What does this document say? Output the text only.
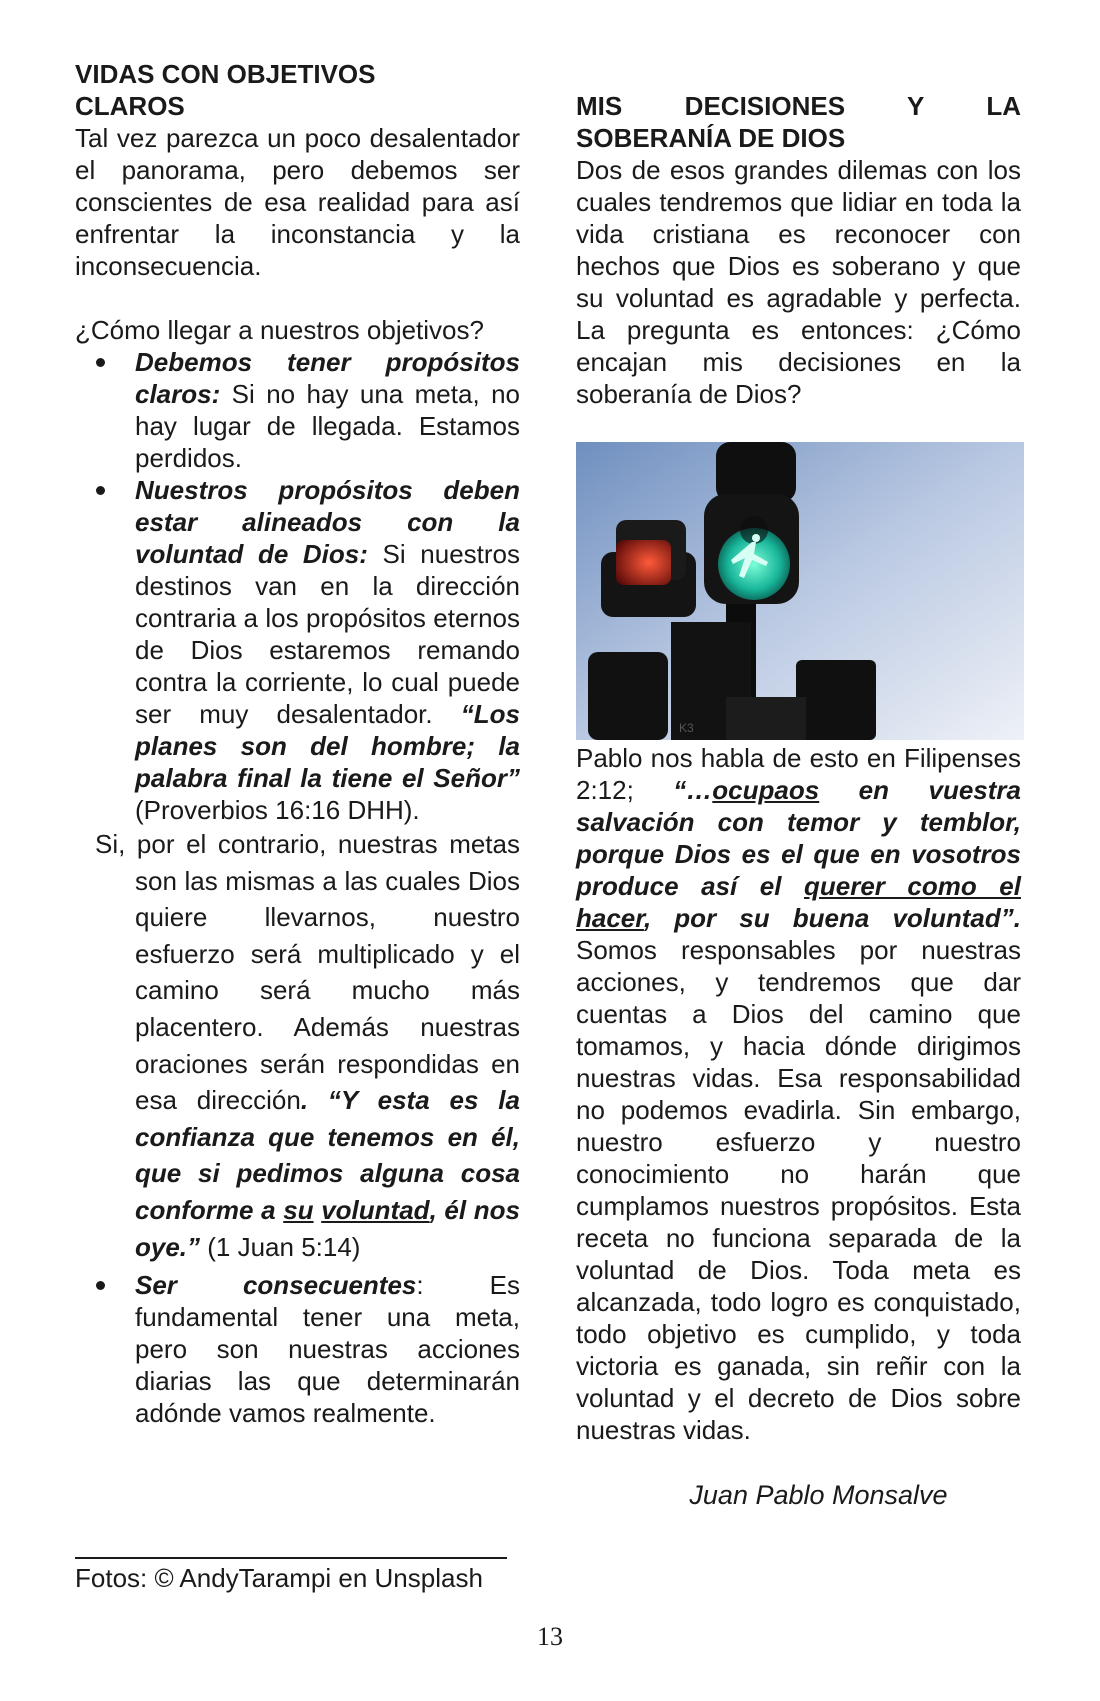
VIDAS CON OBJETIVOS
CLAROS

Tal vez parezca un poco desalentador el panorama, pero debemos ser conscientes de esa realidad para así enfrentar la inconstancia y la inconsecuencia.

¿Cómo llegar a nuestros objetivos?

Debemos tener propósitos claros: Si no hay una meta, no hay lugar de llegada. Estamos perdidos.

Nuestros propósitos deben estar alineados con la voluntad de Dios: Si nuestros destinos van en la dirección contraria a los propósitos eternos de Dios estaremos remando contra la corriente, lo cual puede ser muy desalentador. “Los planes son del hombre; la palabra final la tiene el Señor” (Proverbios 16:16 DHH).

Si, por el contrario, nuestras metas son las mismas a las cuales Dios quiere llevarnos, nuestro esfuerzo será multiplicado y el camino será mucho más placentero. Además nuestras oraciones serán respondidas en esa dirección. “Y esta es la confianza que tenemos en él, que si pedimos alguna cosa conforme a su voluntad, él nos oye.” (1 Juan 5:14)

Ser consecuentes: Es fundamental tener una meta, pero son nuestras acciones diarias las que determinarán adónde vamos realmente.

MIS DECISIONES Y LA
SOBERANÍA DE DIOS

Dos de esos grandes dilemas con los cuales tendremos que lidiar en toda la vida cristiana es reconocer con hechos que Dios es soberano y que su voluntad es agradable y perfecta. La pregunta es entonces: ¿Cómo encajan mis decisiones en la soberanía de Dios?

K3

Pablo nos habla de esto en Filipenses 2:12; “…ocupaos en vuestra salvación con temor y temblor, porque Dios es el que en vosotros produce así el querer como el hacer, por su buena voluntad”. Somos responsables por nuestras acciones, y tendremos que dar cuentas a Dios del camino que tomamos, y hacia dónde dirigimos nuestras vidas. Esa responsabilidad no podemos evadirla. Sin embargo, nuestro esfuerzo y nuestro conocimiento no harán que cumplamos nuestros propósitos. Esta receta no funciona separada de la voluntad de Dios. Toda meta es alcanzada, todo logro es conquistado, todo objetivo es cumplido, y toda victoria es ganada, sin reñir con la voluntad y el decreto de Dios sobre nuestras vidas.

Juan Pablo Monsalve
Fotos: © AndyTarampi en Unsplash
13
